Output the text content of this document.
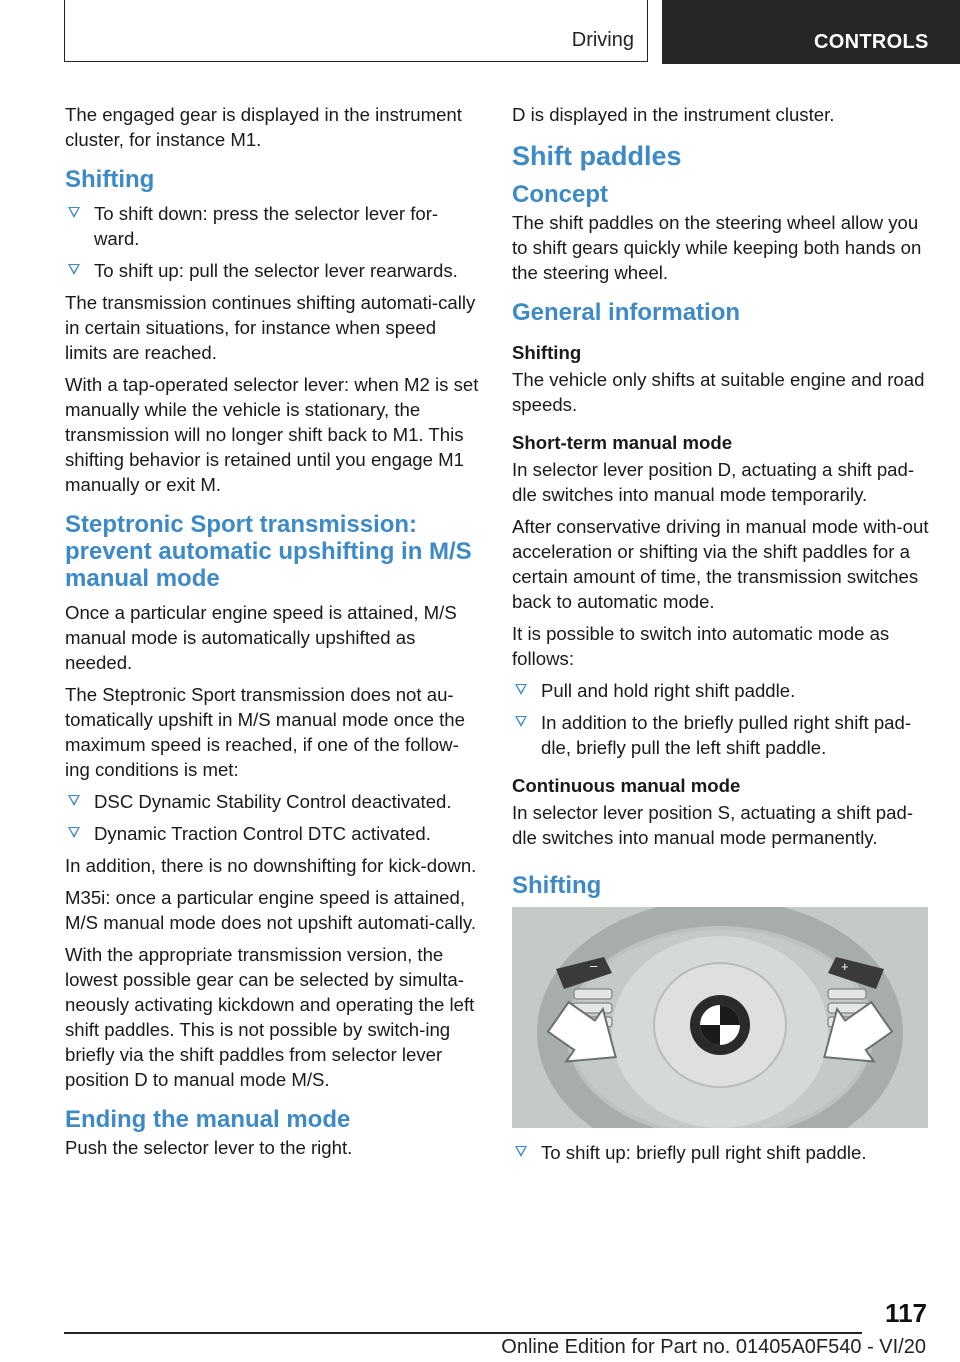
Driving	CONTROLS

The engaged gear is displayed in the instrument cluster, for instance M1.

Shifting
To shift down: press the selector lever for‐ward.
To shift up: pull the selector lever rearwards.

The transmission continues shifting automati‐cally in certain situations, for instance when speed limits are reached.

With a tap-operated selector lever: when M2 is set manually while the vehicle is stationary, the transmission will no longer shift back to M1. This shifting behavior is retained until you engage M1 manually or exit M.

Steptronic Sport transmission: prevent automatic upshifting in M/S manual mode

Once a particular engine speed is attained, M/S manual mode is automatically upshifted as needed.

The Steptronic Sport transmission does not au‐tomatically upshift in M/S manual mode once the maximum speed is reached, if one of the follow‐ing conditions is met:

DSC Dynamic Stability Control deactivated.
Dynamic Traction Control DTC activated.

In addition, there is no downshifting for kick‐down.

M35i: once a particular engine speed is attained, M/S manual mode does not upshift automati‐cally.

With the appropriate transmission version, the lowest possible gear can be selected by simulta‐neously activating kickdown and operating the left shift paddles. This is not possible by switch‐ing briefly via the shift paddles from selector lever position D to manual mode M/S.

Ending the manual mode

Push the selector lever to the right.

D is displayed in the instrument cluster.

Shift paddles
Concept

The shift paddles on the steering wheel allow you to shift gears quickly while keeping both hands on the steering wheel.

General information
Shifting

The vehicle only shifts at suitable engine and road speeds.

Short-term manual mode

In selector lever position D, actuating a shift pad‐dle switches into manual mode temporarily.

After conservative driving in manual mode with‐out acceleration or shifting via the shift paddles for a certain amount of time, the transmission switches back to automatic mode.

It is possible to switch into automatic mode as follows:

Pull and hold right shift paddle.
In addition to the briefly pulled right shift pad‐dle, briefly pull the left shift paddle.
Continuous manual mode

In selector lever position S, actuating a shift pad‐dle switches into manual mode permanently.

Shifting
–	+
To shift up: briefly pull right shift paddle.
117
Online Edition for Part no. 01405A0F540 - VI/20
